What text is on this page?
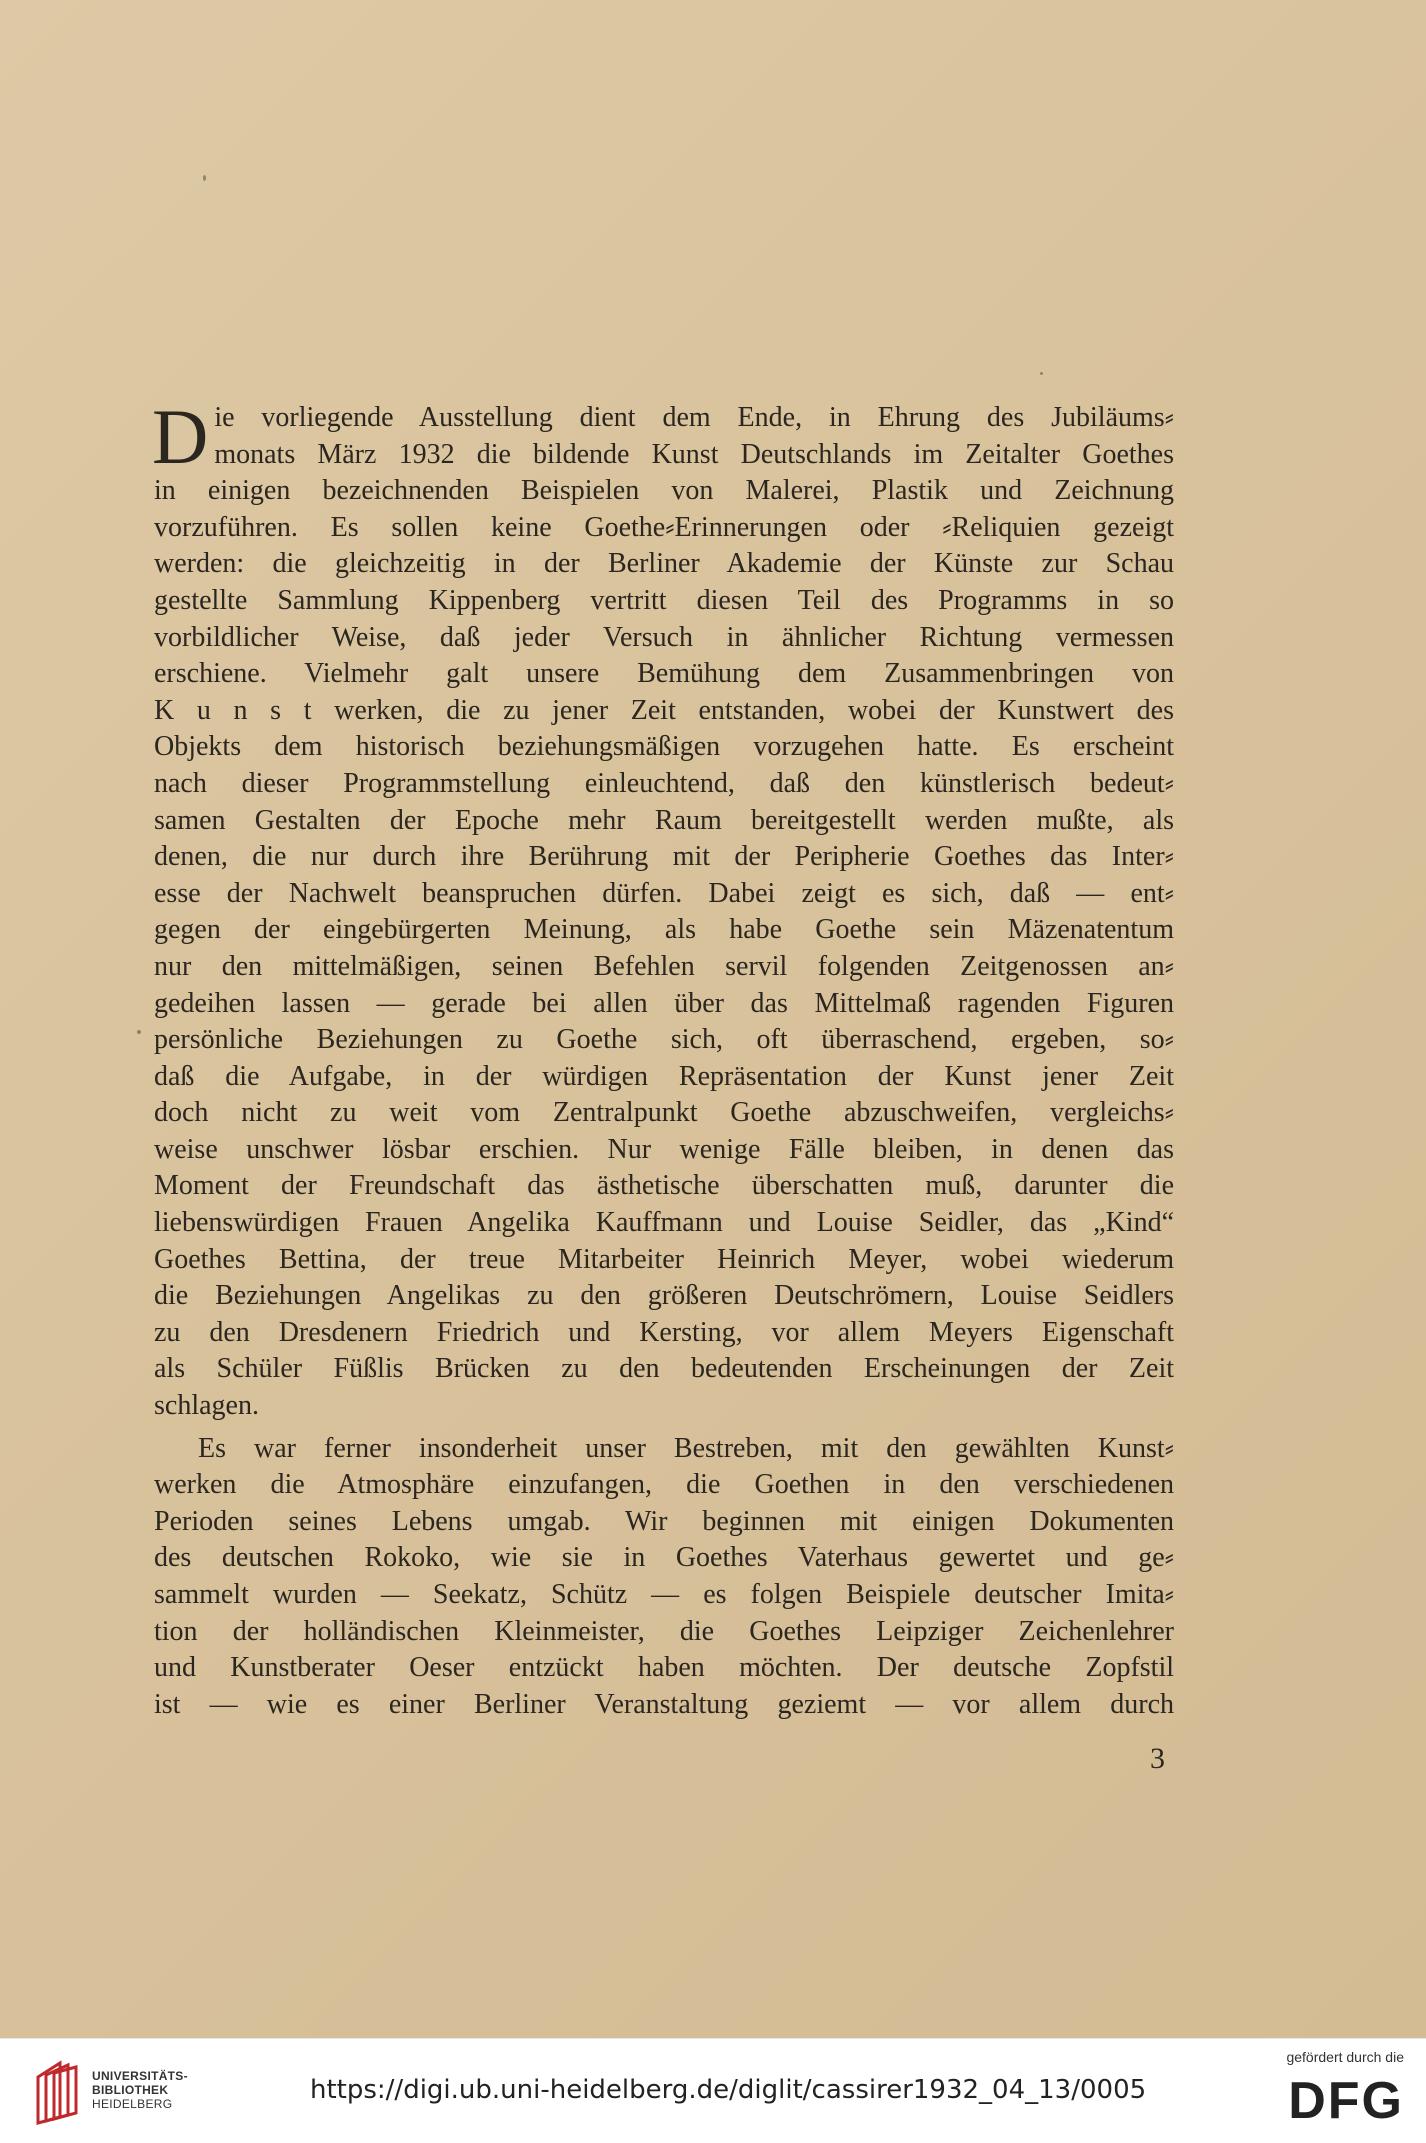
D ie vorliegende Ausstellung dient dem Ende, in Ehrung des Jubiläums⸗
monats März 1932 die bildende Kunst Deutschlands im Zeitalter Goethes
in einigen bezeichnenden Beispielen von Malerei, Plastik und Zeichnung
vorzuführen. Es sollen keine Goethe⸗Erinnerungen oder ⸗Reliquien gezeigt
werden: die gleichzeitig in der Berliner Akademie der Künste zur Schau
gestellte Sammlung Kippenberg vertritt diesen Teil des Programms in so
vorbildlicher Weise, daß jeder Versuch in ähnlicher Richtung vermessen
erschiene. Vielmehr galt unsere Bemühung dem Zusammenbringen von
K u n s t werken, die zu jener Zeit entstanden, wobei der Kunstwert des
Objekts dem historisch beziehungsmäßigen vorzugehen hatte. Es erscheint
nach dieser Programmstellung einleuchtend, daß den künstlerisch bedeut⸗
samen Gestalten der Epoche mehr Raum bereitgestellt werden mußte, als
denen, die nur durch ihre Berührung mit der Peripherie Goethes das Inter⸗
esse der Nachwelt beanspruchen dürfen. Dabei zeigt es sich, daß — ent⸗
gegen der eingebürgerten Meinung, als habe Goethe sein Mäzenatentum
nur den mittelmäßigen, seinen Befehlen servil folgenden Zeitgenossen an⸗
gedeihen lassen — gerade bei allen über das Mittelmaß ragenden Figuren
persönliche Beziehungen zu Goethe sich, oft überraschend, ergeben, so⸗
daß die Aufgabe, in der würdigen Repräsentation der Kunst jener Zeit
doch nicht zu weit vom Zentralpunkt Goethe abzuschweifen, vergleichs⸗
weise unschwer lösbar erschien. Nur wenige Fälle bleiben, in denen das
Moment der Freundschaft das ästhetische überschatten muß, darunter die
liebenswürdigen Frauen Angelika Kauffmann und Louise Seidler, das „Kind“
Goethes Bettina, der treue Mitarbeiter Heinrich Meyer, wobei wiederum
die Beziehungen Angelikas zu den größeren Deutschrömern, Louise Seidlers
zu den Dresdenern Friedrich und Kersting, vor allem Meyers Eigenschaft
als Schüler Füßlis Brücken zu den bedeutenden Erscheinungen der Zeit
schlagen.
Es war ferner insonderheit unser Bestreben, mit den gewählten Kunst⸗
werken die Atmosphäre einzufangen, die Goethen in den verschiedenen
Perioden seines Lebens umgab. Wir beginnen mit einigen Dokumenten
des deutschen Rokoko, wie sie in Goethes Vaterhaus gewertet und ge⸗
sammelt wurden — Seekatz, Schütz — es folgen Beispiele deutscher Imita⸗
tion der holländischen Kleinmeister, die Goethes Leipziger Zeichenlehrer
und Kunstberater Oeser entzückt haben möchten. Der deutsche Zopfstil
ist — wie es einer Berliner Veranstaltung geziemt — vor allem durch
3
UNIVERSITÄTS-
BIBLIOTHEK
HEIDELBERG	https://digi.ub.uni-heidelberg.de/diglit/cassirer1932_04_13/0005
gefördert durch die
DFG
